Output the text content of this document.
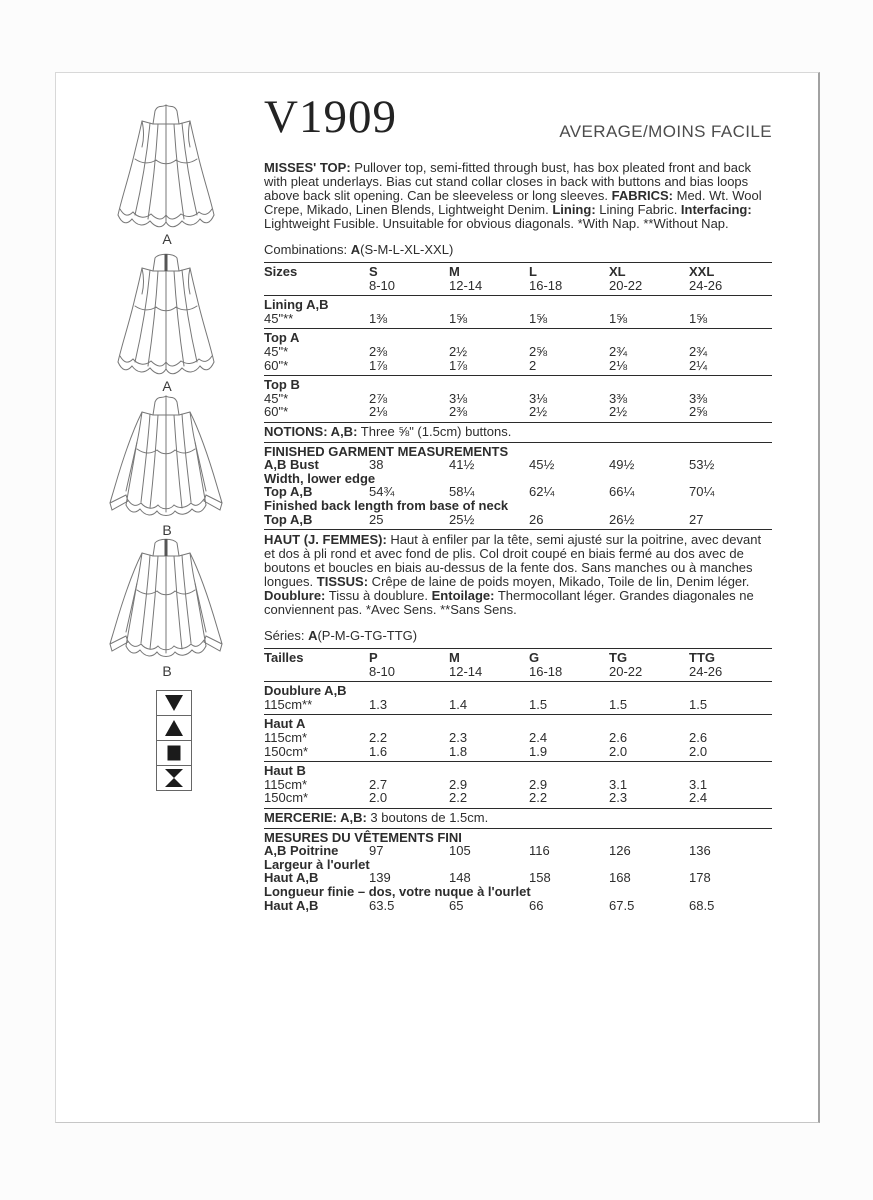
A
A
B
B
V1909	AVERAGE/MOINS FACILE

MISSES' TOP: Pullover top, semi-fitted through bust, has box pleated front and back with pleat underlays. Bias cut stand collar closes in back with buttons and bias loops above back slit opening. Can be sleeveless or long sleeves. FABRICS: Med. Wt. Wool Crepe, Mikado, Linen Blends, Lightweight Denim. Lining: Lining Fabric. Interfacing: Lightweight Fusible. Unsuitable for obvious diagonals. *With Nap. **Without Nap.

Combinations: A(S-M-L-XL-XXL)

Sizes	S	M	L	XL	XXL
8-10	12-14	16-18	20-22	24-26
Lining A,B
45"**	1⅜	1⅝	1⅝	1⅝	1⅝
Top A
45"*	2⅜	2½	2⅝	2¾	2¾
60"*	1⅞	1⅞	2	2⅛	2¼
Top B
45"*	2⅞	3⅛	3⅛	3⅜	3⅜
60"*	2⅛	2⅜	2½	2½	2⅝
NOTIONS: A,B: Three ⅝" (1.5cm) buttons.
FINISHED GARMENT MEASUREMENTS
A,B Bust	38	41½	45½	49½	53½
Width, lower edge
Top A,B	54¾	58¼	62¼	66¼	70¼
Finished back length from base of neck
Top A,B	25	25½	26	26½	27

HAUT (J. FEMMES): Haut à enfiler par la tête, semi ajusté sur la poitrine, avec devant et dos à pli rond et avec fond de plis. Col droit coupé en biais fermé au dos avec de boutons et boucles en biais au-dessus de la fente dos. Sans manches ou à manches longues. TISSUS: Crêpe de laine de poids moyen, Mikado, Toile de lin, Denim léger. Doublure: Tissu à doublure. Entoilage: Thermocollant léger. Grandes diagonales ne conviennent pas. *Avec Sens. **Sans Sens.

Séries: A(P-M-G-TG-TTG)

Tailles	P	M	G	TG	TTG
8-10	12-14	16-18	20-22	24-26
Doublure A,B
115cm**	1.3	1.4	1.5	1.5	1.5
Haut A
115cm*	2.2	2.3	2.4	2.6	2.6
150cm*	1.6	1.8	1.9	2.0	2.0
Haut B
115cm*	2.7	2.9	2.9	3.1	3.1
150cm*	2.0	2.2	2.2	2.3	2.4
MERCERIE: A,B: 3 boutons de 1.5cm.
MESURES DU VÊTEMENTS FINI
A,B Poitrine	97	105	116	126	136
Largeur à l'ourlet
Haut A,B	139	148	158	168	178
Longueur finie – dos, votre nuque à l'ourlet
Haut A,B	63.5	65	66	67.5	68.5
